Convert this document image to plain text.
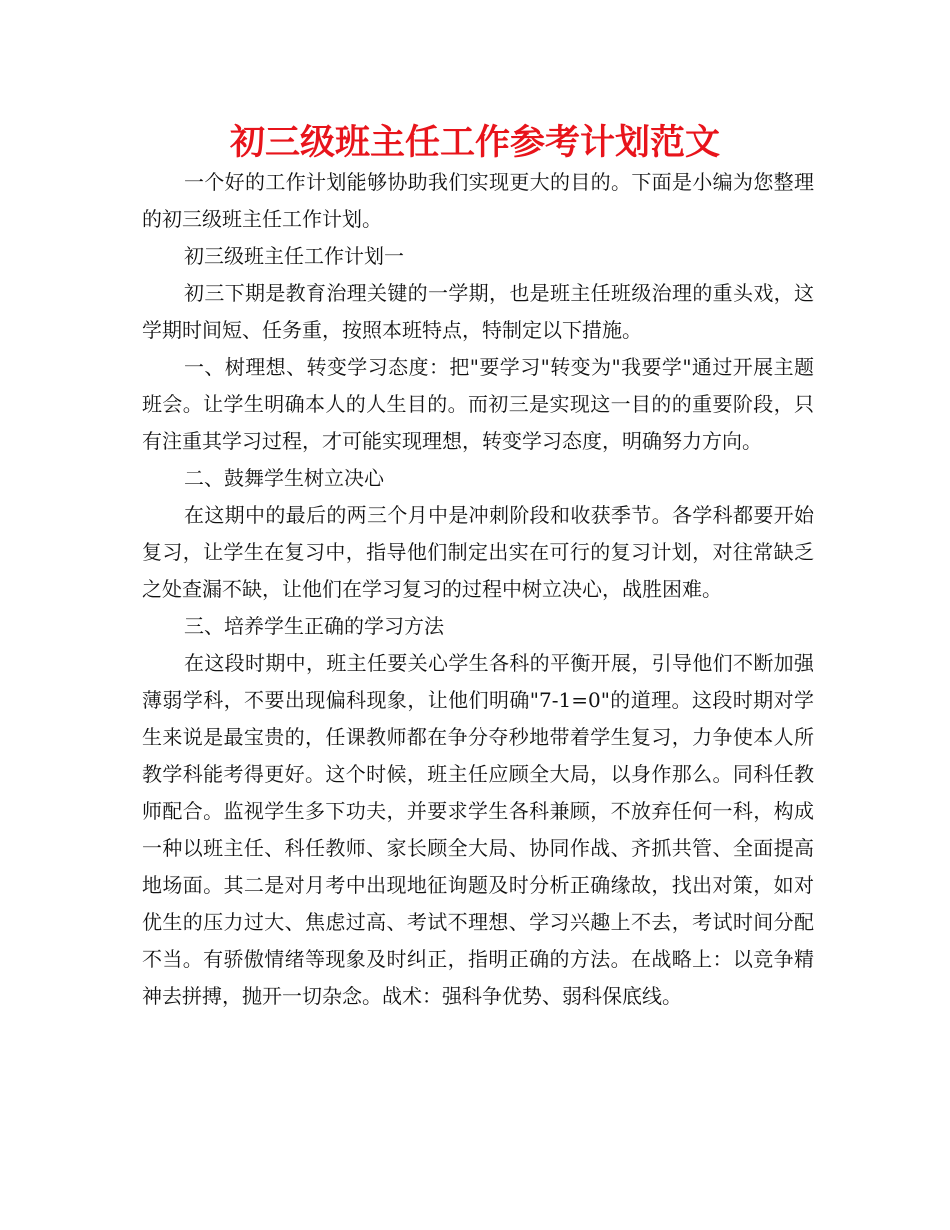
初三级班主任工作参考计划范文

一个好的工作计划能够协助我们实现更大的目的。下面是小编为您整理的初三级班主任工作计划。

初三级班主任工作计划一

初三下期是教育治理关键的一学期，也是班主任班级治理的重头戏，这学期时间短、任务重，按照本班特点，特制定以下措施。

一、树理想、转变学习态度：把"要学习"转变为"我要学"通过开展主题班会。让学生明确本人的人生目的。而初三是实现这一目的的重要阶段，只有注重其学习过程，才可能实现理想，转变学习态度，明确努力方向。

二、鼓舞学生树立决心

在这期中的最后的两三个月中是冲刺阶段和收获季节。各学科都要开始复习，让学生在复习中，指导他们制定出实在可行的复习计划，对往常缺乏之处查漏不缺，让他们在学习复习的过程中树立决心，战胜困难。

三、培养学生正确的学习方法

在这段时期中，班主任要关心学生各科的平衡开展，引导他们不断加强薄弱学科，不要出现偏科现象，让他们明确"7-1=0"的道理。这段时期对学生来说是最宝贵的，任课教师都在争分夺秒地带着学生复习，力争使本人所教学科能考得更好。这个时候，班主任应顾全大局，以身作那么。同科任教师配合。监视学生多下功夫，并要求学生各科兼顾，不放弃任何一科，构成一种以班主任、科任教师、家长顾全大局、协同作战、齐抓共管、全面提高地场面。其二是对月考中出现地征询题及时分析正确缘故，找出对策，如对优生的压力过大、焦虑过高、考试不理想、学习兴趣上不去，考试时间分配不当。有骄傲情绪等现象及时纠正，指明正确的方法。在战略上：以竞争精神去拼搏，抛开一切杂念。战术：强科争优势、弱科保底线。
